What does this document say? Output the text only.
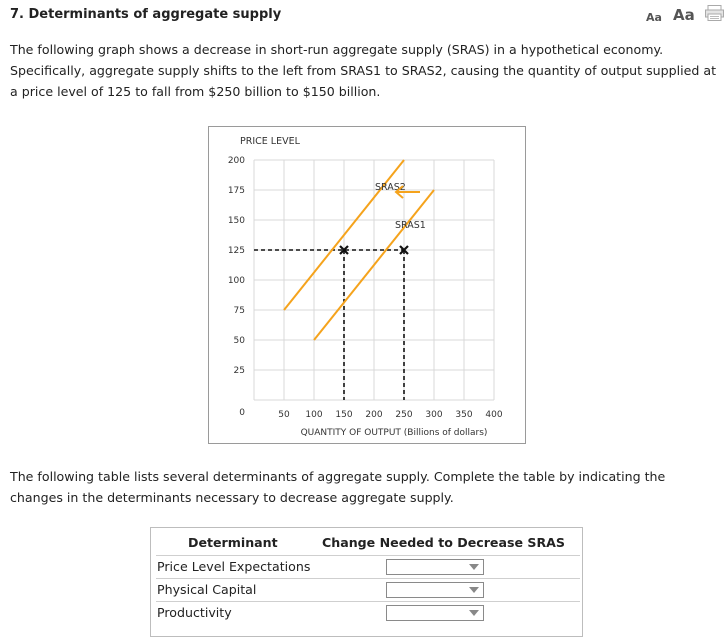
7. Determinants of aggregate supply	Aa Aa

The following graph shows a decrease in short-run aggregate supply (SRAS) in a hypothetical economy. Specifically, aggregate supply shifts to the left from SRAS1 to SRAS2, causing the quantity of output supplied at a price level of 125 to fall from $250 billion to $150 billion.

0
25
50
75
100
125
150
175
200
50 100 150 200 250 300 350 400
PRICE LEVEL
QUANTITY OF OUTPUT (Billions of dollars)
SRAS2
SRAS1

The following table lists several determinants of aggregate supply. Complete the table by indicating the changes in the determinants necessary to decrease aggregate supply.

Determinant	Change Needed to Decrease SRAS
Price Level Expectations
Physical Capital
Productivity
